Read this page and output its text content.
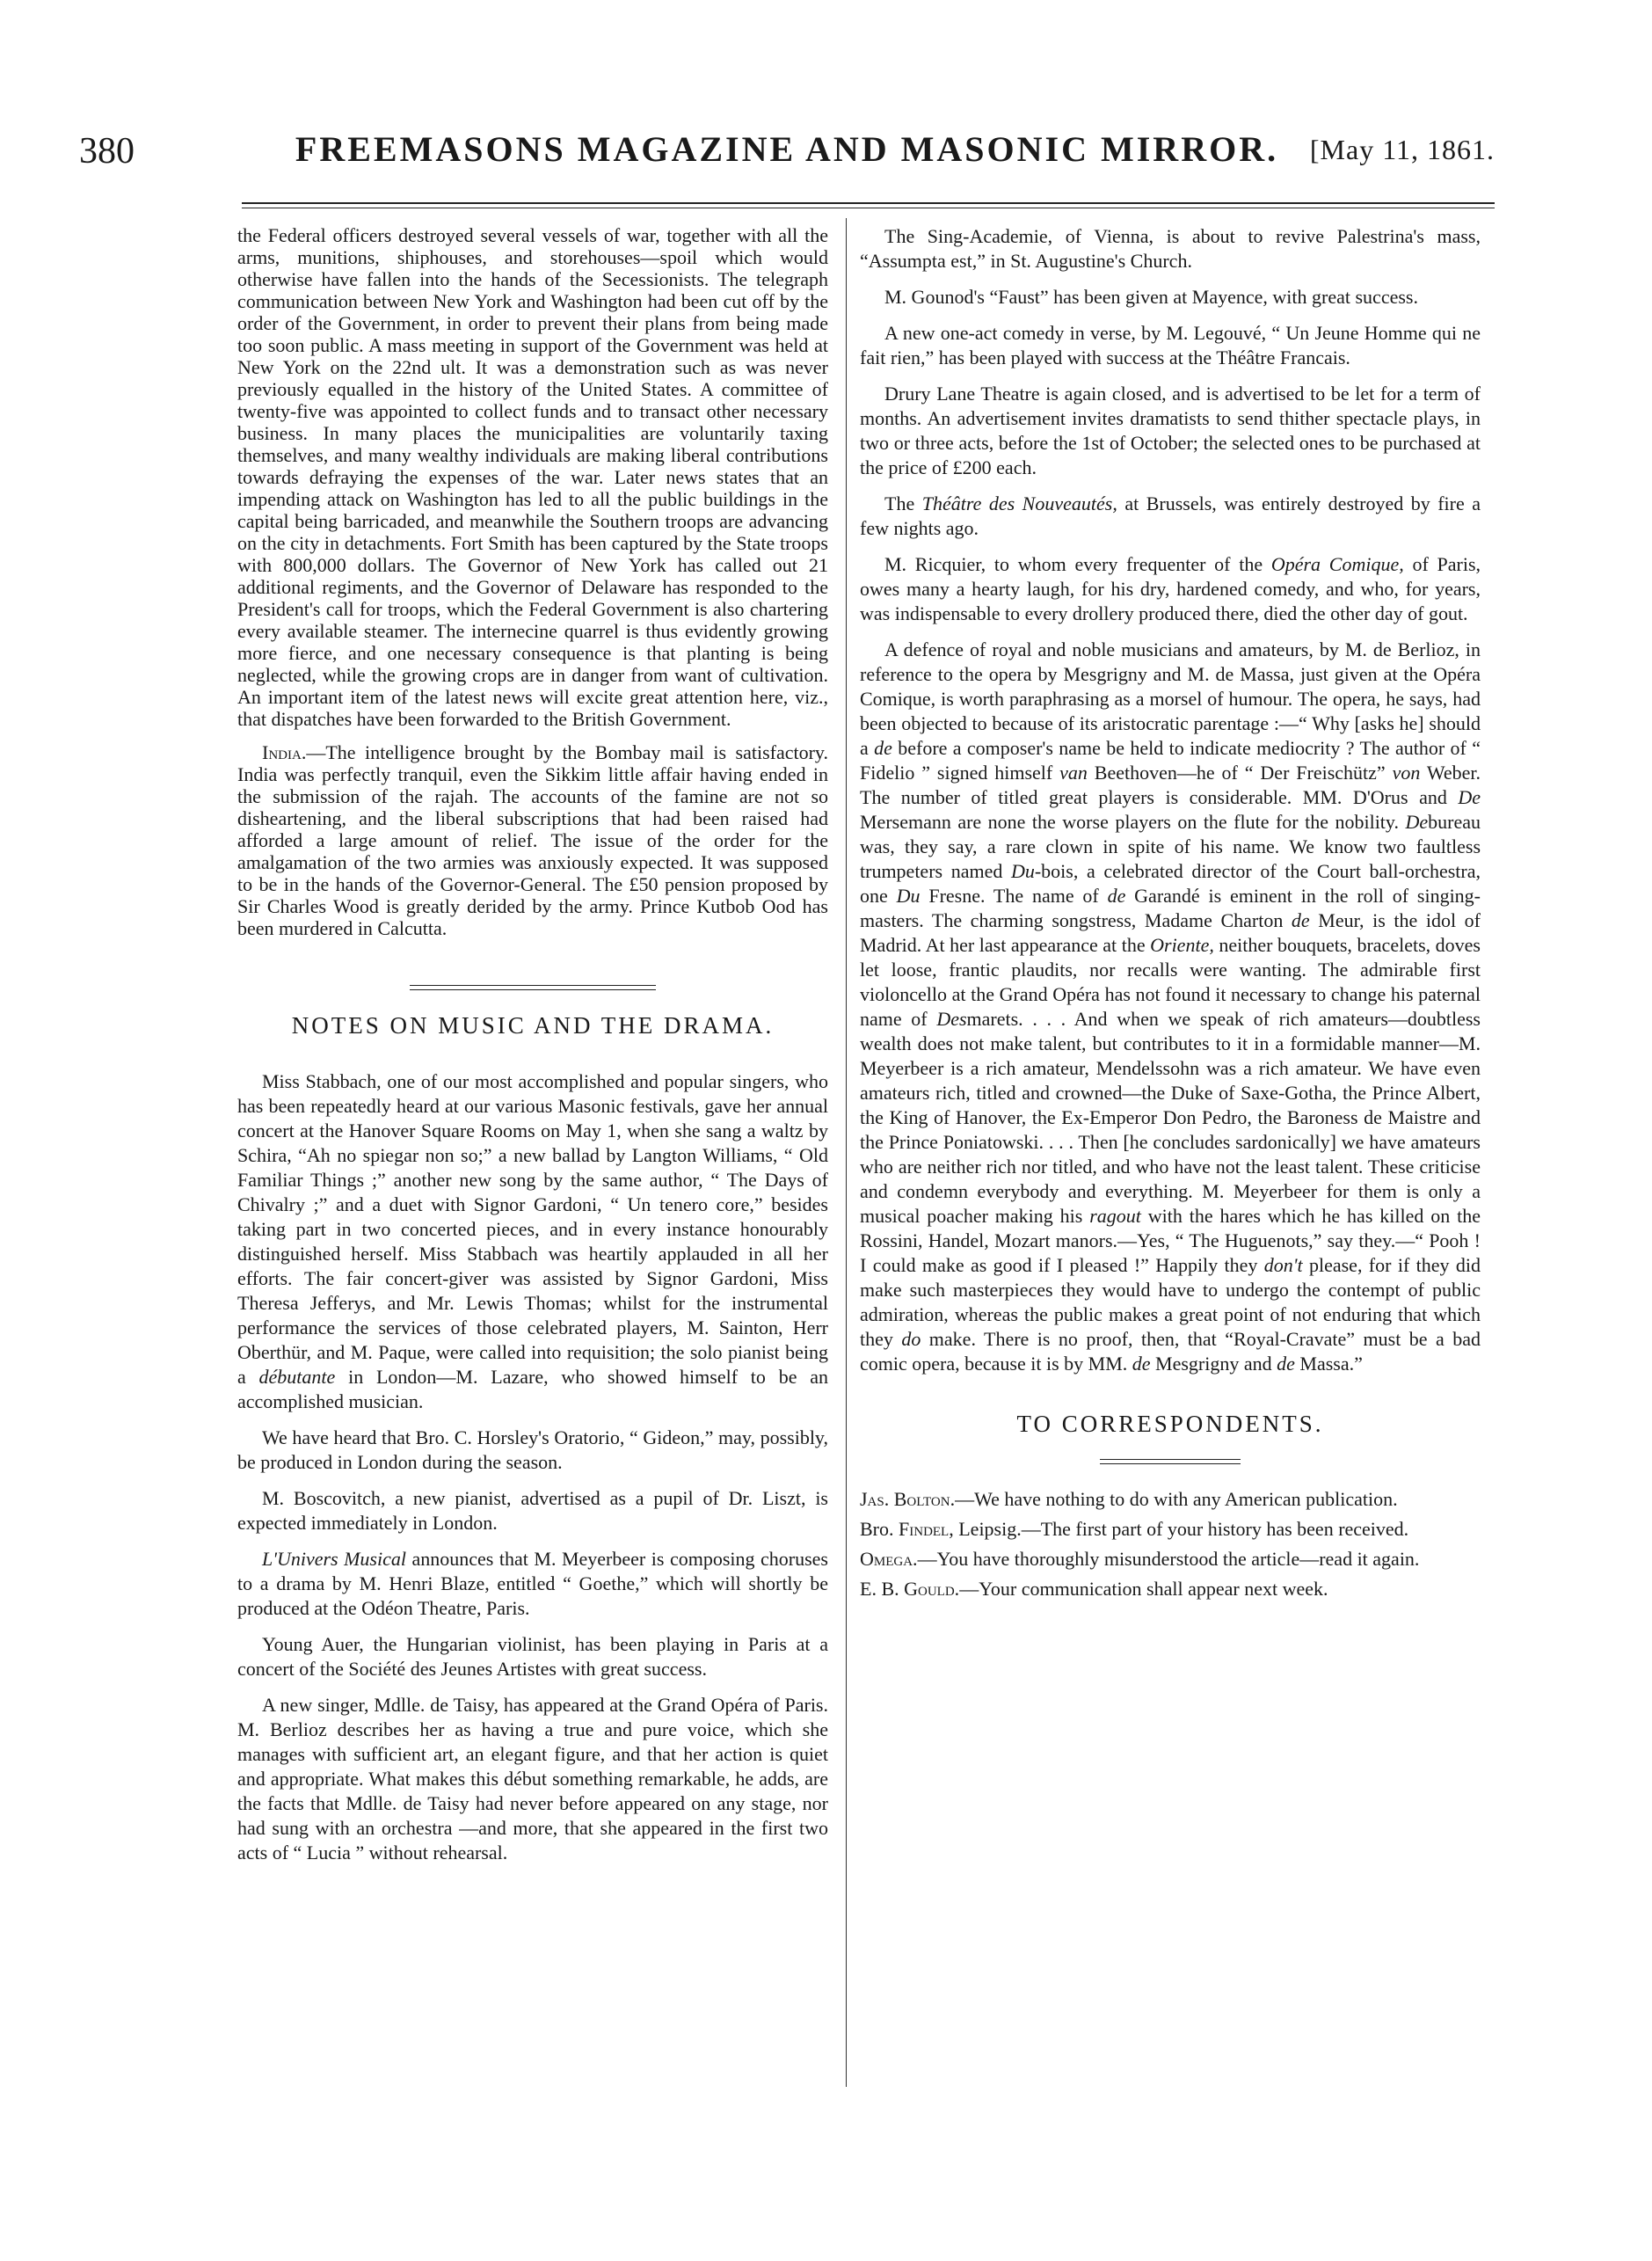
380	FREEMASONS MAGAZINE AND MASONIC MIRROR.	[May 11, 1861.

the Federal officers destroyed several vessels of war, together with all the arms, munitions, shiphouses, and storehouses—spoil which would otherwise have fallen into the hands of the Secessionists. The telegraph communication between New York and Washington had been cut off by the order of the Government, in order to prevent their plans from being made too soon public. A mass meeting in support of the Government was held at New York on the 22nd ult. It was a demonstration such as was never previously equalled in the history of the United States. A committee of twenty-five was appointed to collect funds and to transact other necessary business. In many places the municipalities are voluntarily taxing themselves, and many wealthy individuals are making liberal contributions towards defraying the expenses of the war. Later news states that an impending attack on Washington has led to all the public buildings in the capital being barricaded, and meanwhile the Southern troops are advancing on the city in detachments. Fort Smith has been captured by the State troops with 800,000 dollars. The Governor of New York has called out 21 additional regiments, and the Governor of Delaware has responded to the President's call for troops, which the Federal Government is also chartering every available steamer. The internecine quarrel is thus evidently growing more fierce, and one necessary consequence is that planting is being neglected, while the growing crops are in danger from want of cultivation. An important item of the latest news will excite great attention here, viz., that dispatches have been forwarded to the British Government.

India.—The intelligence brought by the Bombay mail is satisfactory. India was perfectly tranquil, even the Sikkim little affair having ended in the submission of the rajah. The accounts of the famine are not so disheartening, and the liberal subscriptions that had been raised had afforded a large amount of relief. The issue of the order for the amalgamation of the two armies was anxiously expected. It was supposed to be in the hands of the Governor-General. The £50 pension proposed by Sir Charles Wood is greatly derided by the army. Prince Kutbob Ood has been murdered in Calcutta.

NOTES ON MUSIC AND THE DRAMA.

Miss Stabbach, one of our most accomplished and popular singers, who has been repeatedly heard at our various Masonic festivals, gave her annual concert at the Hanover Square Rooms on May 1, when she sang a waltz by Schira, “Ah no spiegar non so;” a new ballad by Langton Williams, “ Old Familiar Things ;” another new song by the same author, “ The Days of Chivalry ;” and a duet with Signor Gardoni, “ Un tenero core,” besides taking part in two concerted pieces, and in every instance honourably distinguished herself. Miss Stabbach was heartily applauded in all her efforts. The fair concert-giver was assisted by Signor Gardoni, Miss Theresa Jefferys, and Mr. Lewis Thomas; whilst for the instrumental performance the services of those celebrated players, M. Sainton, Herr Oberthür, and M. Paque, were called into requisition; the solo pianist being a débutante in London—M. Lazare, who showed himself to be an accomplished musician.

We have heard that Bro. C. Horsley's Oratorio, “ Gideon,” may, possibly, be produced in London during the season.

M. Boscovitch, a new pianist, advertised as a pupil of Dr. Liszt, is expected immediately in London.

L'Univers Musical announces that M. Meyerbeer is composing choruses to a drama by M. Henri Blaze, entitled “ Goethe,” which will shortly be produced at the Odéon Theatre, Paris.

Young Auer, the Hungarian violinist, has been playing in Paris at a concert of the Société des Jeunes Artistes with great success.

A new singer, Mdlle. de Taisy, has appeared at the Grand Opéra of Paris. M. Berlioz describes her as having a true and pure voice, which she manages with sufficient art, an elegant figure, and that her action is quiet and appropriate. What makes this début something remarkable, he adds, are the facts that Mdlle. de Taisy had never before appeared on any stage, nor had sung with an orchestra —and more, that she appeared in the first two acts of “ Lucia ” without rehearsal.

The Sing-Academie, of Vienna, is about to revive Palestrina's mass, “Assumpta est,” in St. Augustine's Church.

M. Gounod's “Faust” has been given at Mayence, with great success.

A new one-act comedy in verse, by M. Legouvé, “ Un Jeune Homme qui ne fait rien,” has been played with success at the Théâtre Francais.

Drury Lane Theatre is again closed, and is advertised to be let for a term of months. An advertisement invites dramatists to send thither spectacle plays, in two or three acts, before the 1st of October; the selected ones to be purchased at the price of £200 each.

The Théâtre des Nouveautés, at Brussels, was entirely destroyed by fire a few nights ago.

M. Ricquier, to whom every frequenter of the Opéra Comique, of Paris, owes many a hearty laugh, for his dry, hardened comedy, and who, for years, was indispensable to every drollery produced there, died the other day of gout.

A defence of royal and noble musicians and amateurs, by M. de Berlioz, in reference to the opera by Mesgrigny and M. de Massa, just given at the Opéra Comique, is worth paraphrasing as a morsel of humour. The opera, he says, had been objected to because of its aristocratic parentage :—“ Why [asks he] should a de before a composer's name be held to indicate mediocrity ? The author of “ Fidelio ” signed himself van Beethoven—he of “ Der Freischütz” von Weber. The number of titled great players is considerable. MM. D'Orus and De Mersemann are none the worse players on the flute for the nobility. Debureau was, they say, a rare clown in spite of his name. We know two faultless trumpeters named Du-bois, a celebrated director of the Court ball-orchestra, one Du Fresne. The name of de Garandé is eminent in the roll of singing-masters. The charming songstress, Madame Charton de Meur, is the idol of Madrid. At her last appearance at the Oriente, neither bouquets, bracelets, doves let loose, frantic plaudits, nor recalls were wanting. The admirable first violoncello at the Grand Opéra has not found it necessary to change his paternal name of Desmarets. . . . And when we speak of rich amateurs—doubtless wealth does not make talent, but contributes to it in a formidable manner—M. Meyerbeer is a rich amateur, Mendelssohn was a rich amateur. We have even amateurs rich, titled and crowned—the Duke of Saxe-Gotha, the Prince Albert, the King of Hanover, the Ex-Emperor Don Pedro, the Baroness de Maistre and the Prince Poniatowski. . . . Then [he concludes sardonically] we have amateurs who are neither rich nor titled, and who have not the least talent. These criticise and condemn everybody and everything. M. Meyerbeer for them is only a musical poacher making his ragout with the hares which he has killed on the Rossini, Handel, Mozart manors.—Yes, “ The Huguenots,” say they.—“ Pooh ! I could make as good if I pleased !” Happily they don't please, for if they did make such masterpieces they would have to undergo the contempt of public admiration, whereas the public makes a great point of not enduring that which they do make. There is no proof, then, that “Royal-Cravate” must be a bad comic opera, because it is by MM. de Mesgrigny and de Massa.”

TO CORRESPONDENTS.

Jas. Bolton.—We have nothing to do with any American publication.

Bro. Findel, Leipsig.—The first part of your history has been received.

Omega.—You have thoroughly misunderstood the article—read it again.

E. B. Gould.—Your communication shall appear next week.
